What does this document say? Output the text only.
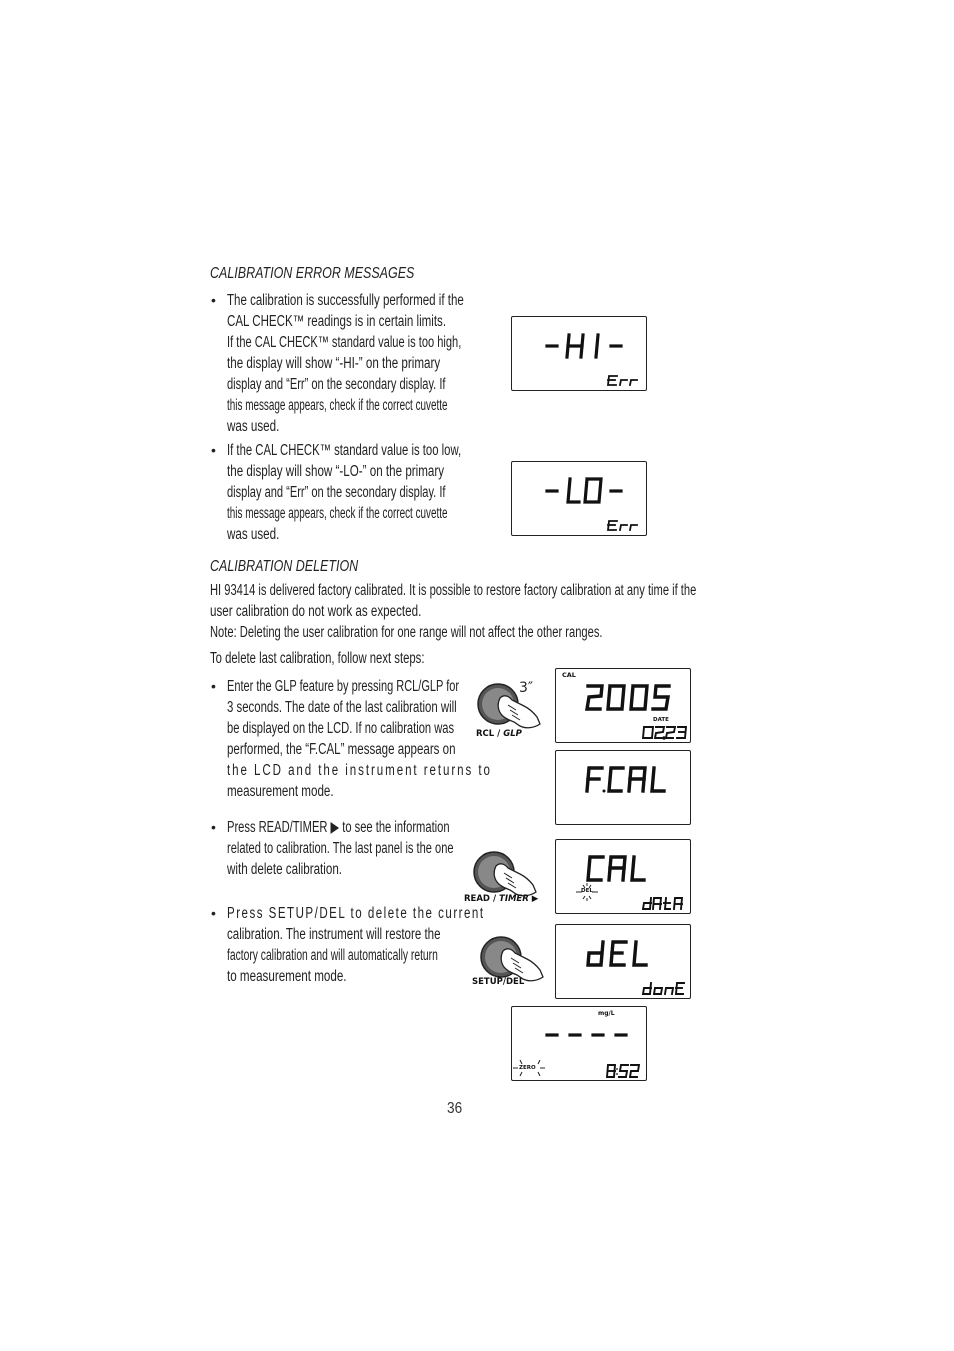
CALIBRATION ERROR MESSAGES
• The calibration is successfully performed if the
CAL CHECK™ readings is in certain limits.
If the CAL CHECK™ standard value is too high,
the display will show “-HI-” on the primary
display and “Err” on the secondary display. If
this message appears, check if the correct cuvette
was used.
• If the CAL CHECK™ standard value is too low,
the display will show “-LO-” on the primary
display and “Err” on the secondary display. If
this message appears, check if the correct cuvette
was used.
CALIBRATION DELETION
HI 93414 is delivered factory calibrated. It is possible to restore factory calibration at any time if the
user calibration do not work as expected.
Note: Deleting the user calibration for one range will not affect the other ranges.
To delete last calibration, follow next steps:
• Enter the GLP feature by pressing RCL/GLP for
3 seconds. The date of the last calibration will
be displayed on the LCD. If no calibration was
performed, the “F.CAL” message appears on
the LCD and the instrument returns to
measurement mode.
• Press READ/TIMER ▶ to see the information
related to calibration. The last panel is the one
with delete calibration.
• Press SETUP/DEL to delete the current
calibration. The instrument will restore the
factory calibration and will automatically return
to measurement mode.
3″
RCL / GLP
READ / TIMER ▶
SETUP/DEL
CAL
DATE
DEL
mg/L
ZERO
36
